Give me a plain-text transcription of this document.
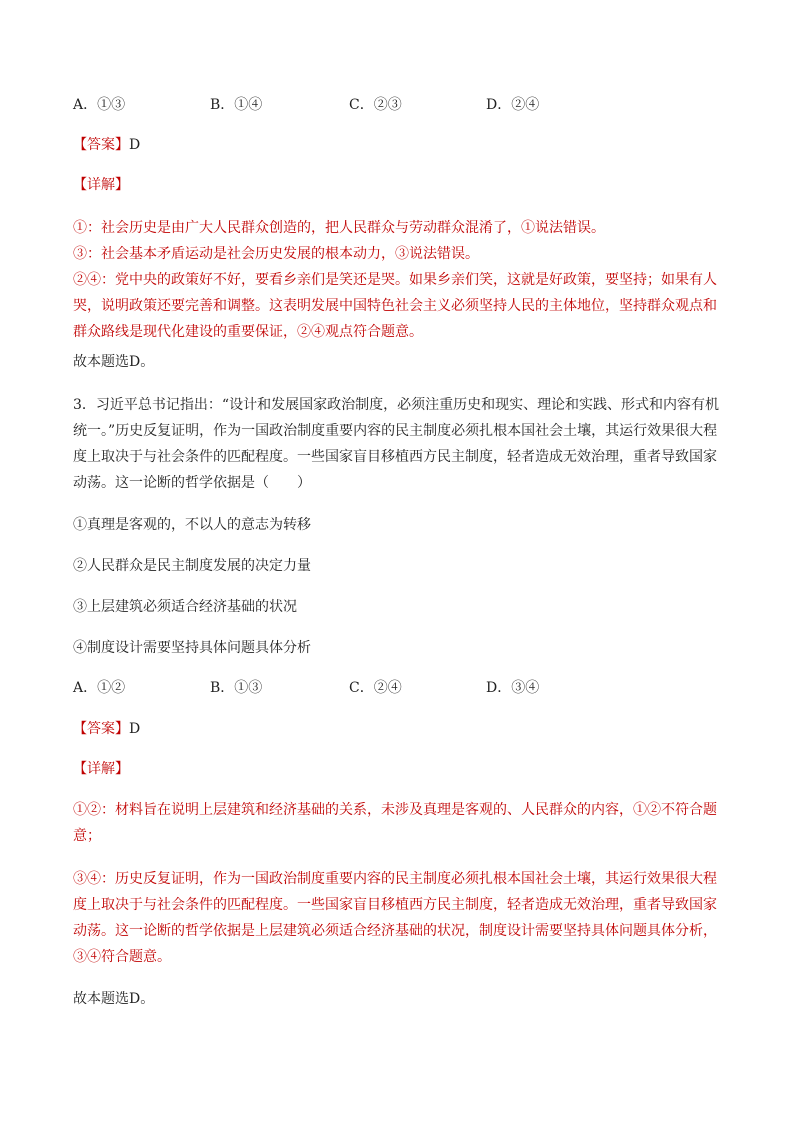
A．①③	B．①④	C．②③	D．②④
【答案】D
【详解】
①：社会历史是由广大人民群众创造的，把人民群众与劳动群众混淆了，①说法错误。
③：社会基本矛盾运动是社会历史发展的根本动力，③说法错误。
②④：党中央的政策好不好，要看乡亲们是笑还是哭。如果乡亲们笑，这就是好政策，要坚持；如果有人
哭，说明政策还要完善和调整。这表明发展中国特色社会主义必须坚持人民的主体地位，坚持群众观点和
群众路线是现代化建设的重要保证，②④观点符合题意。
故本题选D。
3．习近平总书记指出：“设计和发展国家政治制度，必须注重历史和现实、理论和实践、形式和内容有机
统一。”历史反复证明，作为一国政治制度重要内容的民主制度必须扎根本国社会土壤，其运行效果很大程
度上取决于与社会条件的匹配程度。一些国家盲目移植西方民主制度，轻者造成无效治理，重者导致国家
动荡。这一论断的哲学依据是（　　）
①真理是客观的，不以人的意志为转移
②人民群众是民主制度发展的决定力量
③上层建筑必须适合经济基础的状况
④制度设计需要坚持具体问题具体分析
A．①②	B．①③	C．②④	D．③④
【答案】D
【详解】
①②：材料旨在说明上层建筑和经济基础的关系，未涉及真理是客观的、人民群众的内容，①②不符合题
意；
③④：历史反复证明，作为一国政治制度重要内容的民主制度必须扎根本国社会土壤，其运行效果很大程
度上取决于与社会条件的匹配程度。一些国家盲目移植西方民主制度，轻者造成无效治理，重者导致国家
动荡。这一论断的哲学依据是上层建筑必须适合经济基础的状况，制度设计需要坚持具体问题具体分析，
③④符合题意。
故本题选D。
